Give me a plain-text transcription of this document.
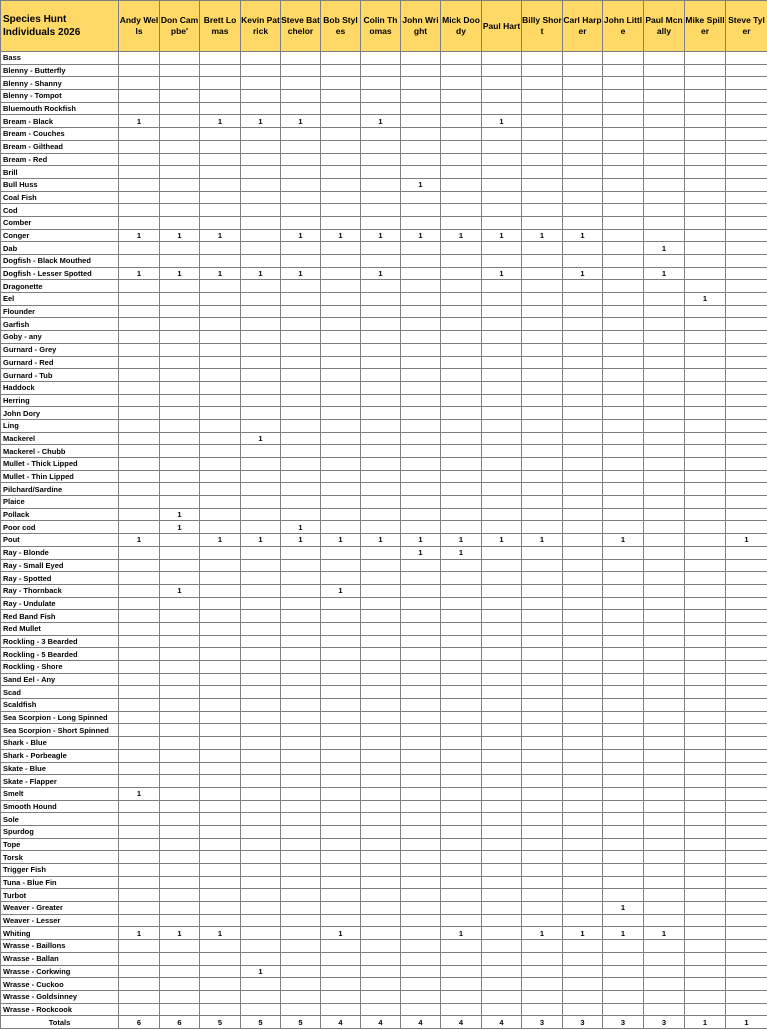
Species Hunt Individuals 2026	Andy Wells	Don Campbe'	Brett Lomas	Kevin Patrick	Steve Batchelor	Bob Styles	Colin Thomas	John Wright	Mick Doody	Paul Hart	Billy Short	Carl Harper	John Little	Paul Mcnally	Mike Spiller	Steve Tyler
Bass																
Blenny - Butterfly																
Blenny - Shanny																
Blenny - Tompot																
Bluemouth Rockfish																
Bream - Black	1		1	1	1		1			1						
Bream - Couches																
Bream - Gilthead																
Bream - Red																
Brill																
Bull Huss								1								
Coal Fish																
Cod																
Comber																
Conger	1	1	1		1	1	1	1	1	1	1	1				
Dab														1		
Dogfish - Black Mouthed																
Dogfish - Lesser Spotted	1	1	1	1	1		1			1		1		1		
Dragonette																
Eel															1	
Flounder																
Garfish																
Goby - any																
Gurnard - Grey																
Gurnard - Red																
Gurnard - Tub																
Haddock																
Herring																
John Dory																
Ling																
Mackerel				1												
Mackerel - Chubb																
Mullet - Thick Lipped																
Mullet - Thin Lipped																
Pilchard/Sardine																
Plaice																
Pollack		1														
Poor cod		1			1											
Pout	1		1	1	1	1	1	1	1	1	1		1			1
Ray - Blonde								1	1							
Ray - Small Eyed																
Ray - Spotted																
Ray - Thornback		1				1										
Ray - Undulate																
Red Band Fish																
Red Mullet																
Rockling - 3 Bearded																
Rockling - 5 Bearded																
Rockling - Shore																
Sand Eel - Any																
Scad																
Scaldfish																
Sea Scorpion - Long Spinned																
Sea Scorpion - Short Spinned																
Shark - Blue																
Shark - Porbeagle																
Skate - Blue																
Skate - Flapper																
Smelt	1															
Smooth Hound																
Sole																
Spurdog																
Tope																
Torsk																
Trigger Fish																
Tuna - Blue Fin																
Turbot																
Weaver - Greater													1			
Weaver - Lesser																
Whiting	1	1	1			1			1		1	1	1	1		
Wrasse - Baillons																
Wrasse - Ballan																
Wrasse - Corkwing				1												
Wrasse - Cuckoo																
Wrasse - Goldsinney																
Wrasse - Rockcook																
Totals	6	6	5	5	5	4	4	4	4	4	3	3	3	3	1	1
